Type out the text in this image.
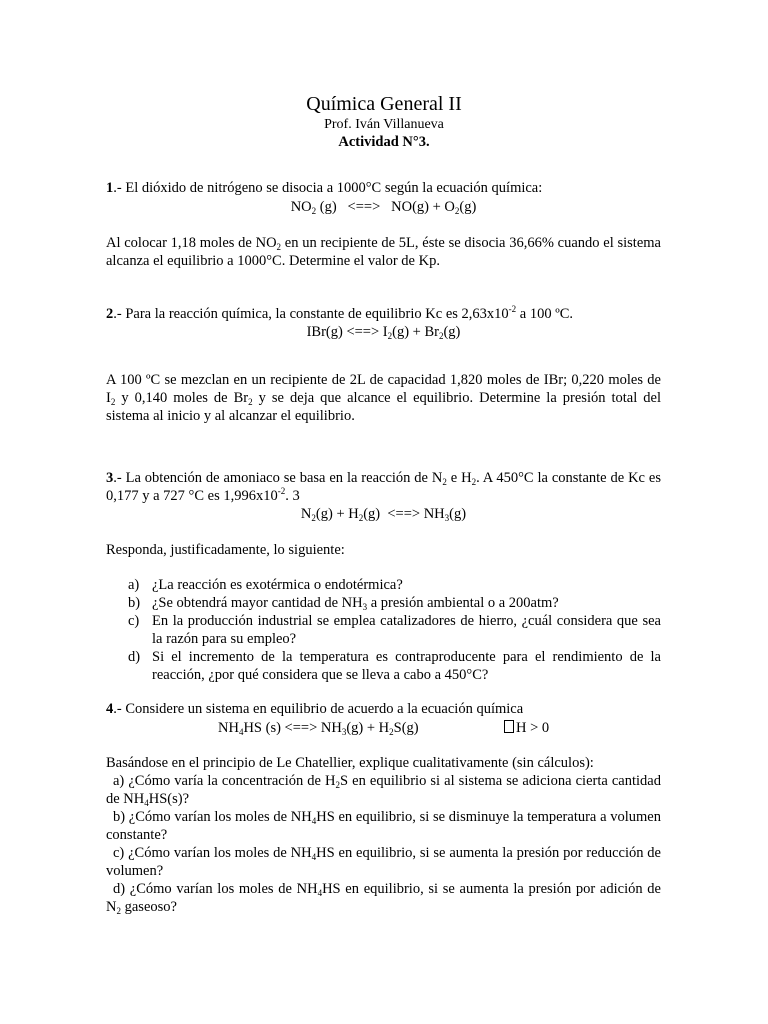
Química General II
Prof. Iván Villanueva
Actividad N°3.
1.- El dióxido de nitrógeno se disocia a 1000°C según la ecuación química:
$NO_2$ (g)   <==>   $NO(g) + O_2(g)$
Al colocar 1,18 moles de $NO_2$ en un recipiente de 5L, éste se disocia 36,66% cuando el sistema alcanza el equilibrio a 1000°C. Determine el valor de Kp.
2.- Para la reacción química, la constante de equilibrio Kc es $2,63x10^{-2}$ a 100 ºC.
IBr(g) <==> $I_2(g) + Br_2(g)$
A 100 ºC se mezclan en un recipiente de 2L de capacidad 1,820 moles de IBr; 0,220 moles de $I_2$ y 0,140 moles de $Br_2$ y se deja que alcance el equilibrio. Determine la presión total del sistema al inicio y al alcanzar el equilibrio.
3.- La obtención de amoniaco se basa en la reacción de $N_2$ e $H_2$. A 450°C la constante de Kc es 0,177 y a 727 °C es $1,996x10^{-2}$. 3
$N_2(g) + H_2(g)$  <==> $NH_3(g)$
Responda, justificadamente, lo siguiente:
a) ¿La reacción es exotérmica o endotérmica?
b) ¿Se obtendrá mayor cantidad de $NH_3$ a presión ambiental o a 200atm?
c) En la producción industrial se emplea catalizadores de hierro, ¿cuál considera que sea la razón para su empleo?
d) Si el incremento de la temperatura es contraproducente para el rendimiento de la reacción, ¿por qué considera que se lleva a cabo a 450°C?
4.- Considere un sistema en equilibrio de acuerdo a la ecuación química
$NH_4HS$ (s) <==> $NH_3(g) + H_2S(g)$	H > 0
Basándose en el principio de Le Chatellier, explique cualitativamente (sin cálculos):
a) ¿Cómo varía la concentración de $H_2S$ en equilibrio si al sistema se adiciona cierta cantidad de $NH_4HS(s)$?
b) ¿Cómo varían los moles de $NH_4HS$ en equilibrio, si se disminuye la temperatura a volumen constante?
c) ¿Cómo varían los moles de $NH_4HS$ en equilibrio, si se aumenta la presión por reducción de volumen?
d) ¿Cómo varían los moles de $NH_4HS$ en equilibrio, si se aumenta la presión por adición de $N_2$ gaseoso?
